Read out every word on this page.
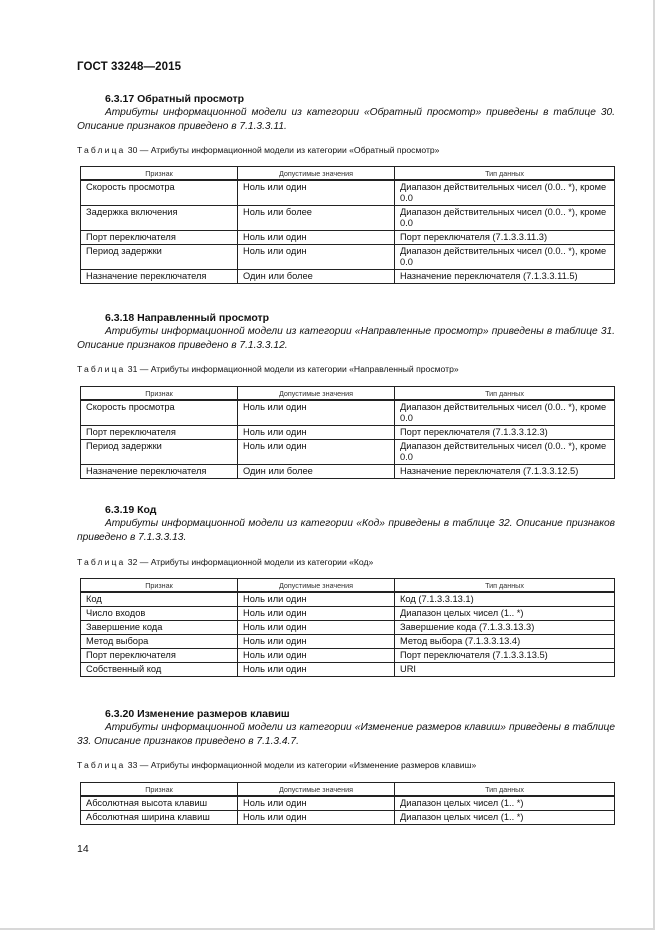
ГОСТ 33248—2015
6.3.17 Обратный просмотр
Атрибуты информационной модели из категории «Обратный просмотр» приведены в таблице 30. Описание признаков приведено в 7.1.3.3.11.
Таблица 30 — Атрибуты информационной модели из категории «Обратный просмотр»
Признак	Допустимые значения	Тип данных
Скорость просмотра	Ноль или один	Диапазон действительных чисел (0.0.. *), кроме 0.0
Задержка включения	Ноль или более	Диапазон действительных чисел (0.0.. *), кроме 0.0
Порт переключателя	Ноль или один	Порт переключателя (7.1.3.3.11.3)
Период задержки	Ноль или один	Диапазон действительных чисел (0.0.. *), кроме 0.0
Назначение переключателя	Один или более	Назначение переключателя (7.1.3.3.11.5)
6.3.18 Направленный просмотр
Атрибуты информационной модели из категории «Направленные просмотр» приведены в таблице 31. Описание признаков приведено в 7.1.3.3.12.
Таблица 31 — Атрибуты информационной модели из категории «Направленный просмотр»
Признак	Допустимые значения	Тип данных
Скорость просмотра	Ноль или один	Диапазон действительных чисел (0.0.. *), кроме 0.0
Порт переключателя	Ноль или один	Порт переключателя (7.1.3.3.12.3)
Период задержки	Ноль или один	Диапазон действительных чисел (0.0.. *), кроме 0.0
Назначение переключателя	Один или более	Назначение переключателя (7.1.3.3.12.5)
6.3.19 Код
Атрибуты информационной модели из категории «Код» приведены в таблице 32. Описание признаков приведено в 7.1.3.3.13.
Таблица 32 — Атрибуты информационной модели из категории «Код»
Признак	Допустимые значения	Тип данных
Код	Ноль или один	Код (7.1.3.3.13.1)
Число входов	Ноль или один	Диапазон целых чисел (1.. *)
Завершение кода	Ноль или один	Завершение кода (7.1.3.3.13.3)
Метод выбора	Ноль или один	Метод выбора (7.1.3.3.13.4)
Порт переключателя	Ноль или один	Порт переключателя (7.1.3.3.13.5)
Собственный код	Ноль или один	URI
6.3.20 Изменение размеров клавиш
Атрибуты информационной модели из категории «Изменение размеров клавиш» приведены в таблице 33. Описание признаков приведено в 7.1.3.4.7.
Таблица 33 — Атрибуты информационной модели из категории «Изменение размеров клавиш»
Признак	Допустимые значения	Тип данных
Абсолютная высота клавиш	Ноль или один	Диапазон целых чисел (1.. *)
Абсолютная ширина клавиш	Ноль или один	Диапазон целых чисел (1.. *)
14
